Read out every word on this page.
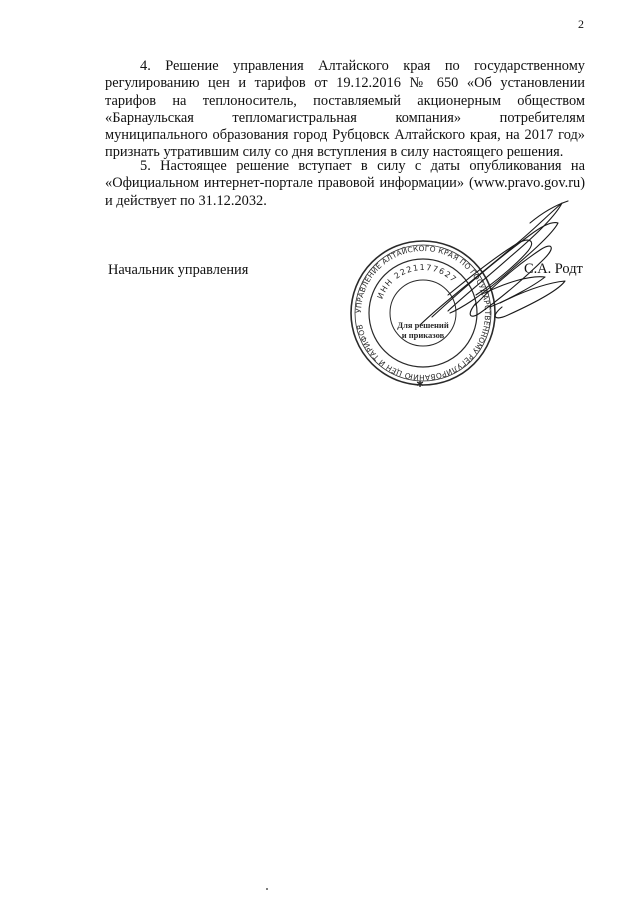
2

4. Решение управления Алтайского края по государственному регулированию цен и тарифов от 19.12.2016 № 650 «Об установлении тарифов на теплоноситель, поставляемый акционерным обществом «Барнаульская тепломагистральная компания» потребителям муниципального образования город Рубцовск Алтайского края, на 2017 год» признать утратившим силу со дня вступления в силу настоящего решения.

5. Настоящее решение вступает в силу с даты опубликования на «Официальном интернет-портале правовой информации» (www.pravo.gov.ru) и действует по 31.12.2032.

Начальник управления	С.А. Родт
УПРАВЛЕНИЕ АЛТАЙСКОГО КРАЯ ПО ГОСУДАРСТВЕННОМУ РЕГУЛИРОВАНИЮ ЦЕН И ТАРИФОВ
ИНН 2221177627
Для решений
и приказов
✱
